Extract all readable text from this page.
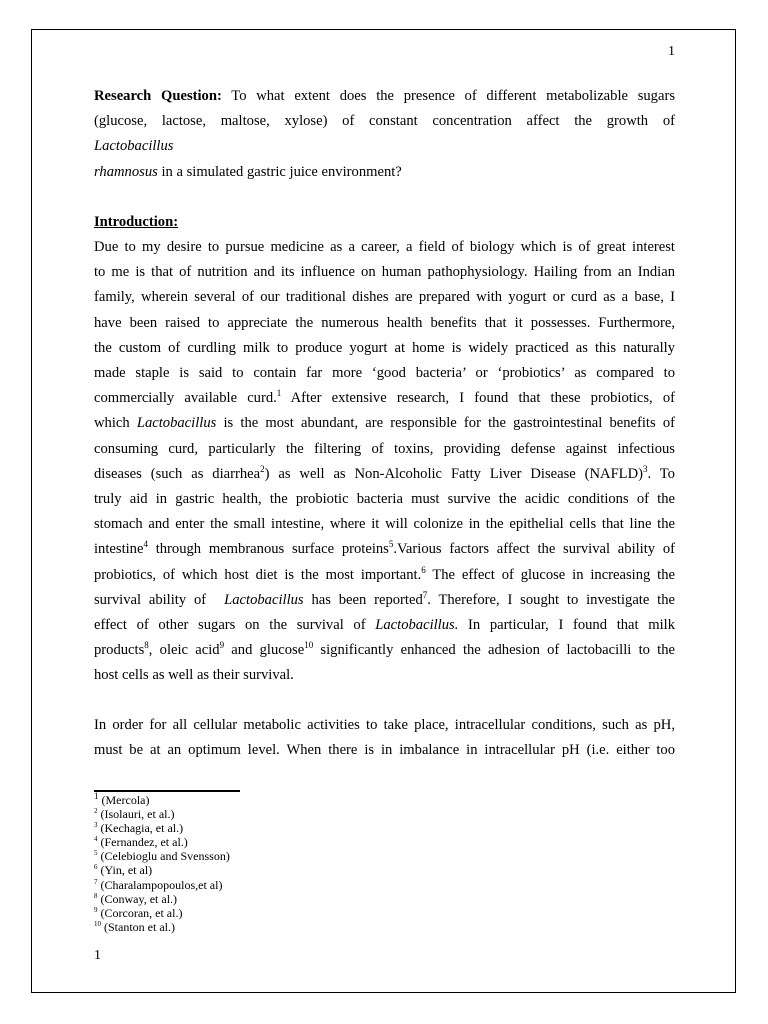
1
Research Question: To what extent does the presence of different metabolizable sugars
(glucose, lactose, maltose, xylose) of constant concentration affect the growth of
Lactobacillus
rhamnosus in a simulated gastric juice environment?
Introduction:
Due to my desire to pursue medicine as a career, a field of biology which is of great interest
to me is that of nutrition and its influence on human pathophysiology. Hailing from an Indian
family, wherein several of our traditional dishes are prepared with yogurt or curd as a base, I
have been raised to appreciate the numerous health benefits that it possesses. Furthermore,
the custom of curdling milk to produce yogurt at home is widely practiced as this naturally
made staple is said to contain far more ‘good bacteria’ or ‘probiotics’ as compared to
commercially available curd.$^1$ After extensive research, I found that these probiotics, of
which Lactobacillus is the most abundant, are responsible for the gastrointestinal benefits of
consuming curd, particularly the filtering of toxins, providing defense against infectious
diseases (such as diarrhea$^2$) as well as Non-Alcoholic Fatty Liver Disease (NAFLD)$^3$. To
truly aid in gastric health, the probiotic bacteria must survive the acidic conditions of the
stomach and enter the small intestine, where it will colonize in the epithelial cells that line the
intestine$^4$ through membranous surface proteins$^5$.Various factors affect the survival ability of
probiotics, of which host diet is the most important.$^6$ The effect of glucose in increasing the
survival ability of Lactobacillus has been reported$^7$. Therefore, I sought to investigate the
effect of other sugars on the survival of Lactobacillus. In particular, I found that milk
products$^8$, oleic acid$^9$ and glucose$^{10}$ significantly enhanced the adhesion of lactobacilli to the
host cells as well as their survival.
In order for all cellular metabolic activities to take place, intracellular conditions, such as pH,
must be at an optimum level. When there is in imbalance in intracellular pH (i.e. either too
$^1$ (Mercola)
$^2$ (Isolauri, et al.)
$^3$ (Kechagia, et al.)
$^4$ (Fernandez, et al.)
$^5$ (Celebioglu and Svensson)
$^6$ (Yin, et al)
$^7$ (Charalampopoulos,et al)
$^8$ (Conway, et al.)
$^9$ (Corcoran, et al.)
$^{10}$ (Stanton et al.)
1
